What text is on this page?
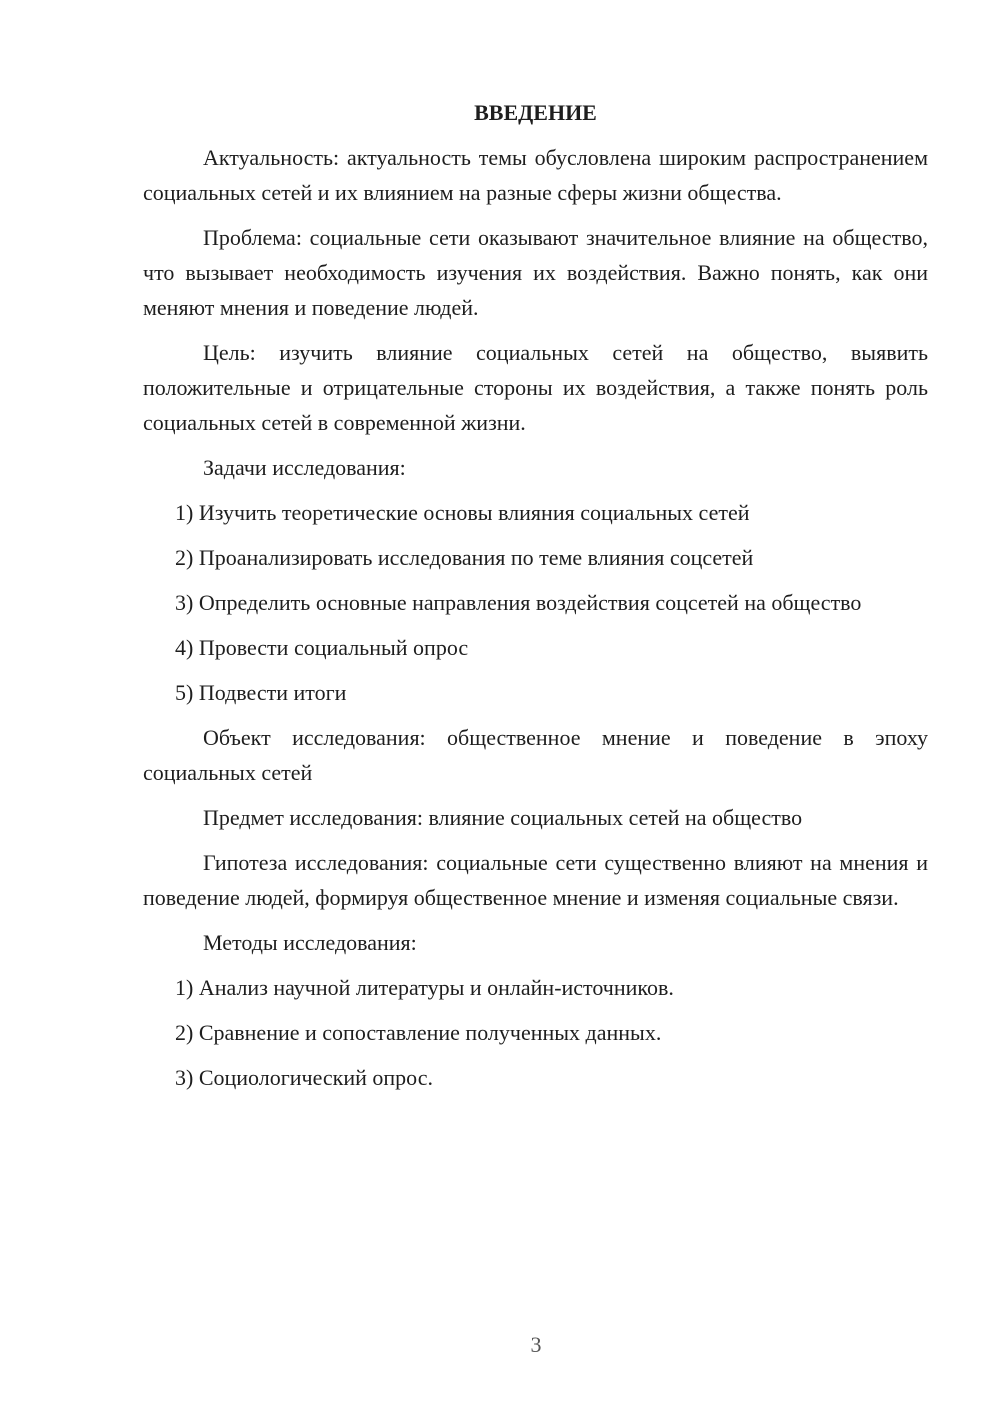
ВВЕДЕНИЕ

Актуальность: актуальность темы обусловлена широким распространением социальных сетей и их влиянием на разные сферы жизни общества.

Проблема: социальные сети оказывают значительное влияние на общество, что вызывает необходимость изучения их воздействия. Важно понять, как они меняют мнения и поведение людей.

Цель: изучить влияние социальных сетей на общество, выявить положительные и отрицательные стороны их воздействия, а также понять роль социальных сетей в современной жизни.

Задачи исследования:

1) Изучить теоретические основы влияния социальных сетей

2) Проанализировать исследования по теме влияния соцсетей

3) Определить основные направления воздействия соцсетей на общество

4) Провести социальный опрос

5) Подвести итоги

Объект исследования: общественное мнение и поведение в эпоху социальных сетей

Предмет исследования: влияние социальных сетей на общество

Гипотеза исследования: социальные сети существенно влияют на мнения и поведение людей, формируя общественное мнение и изменяя социальные связи.

Методы исследования:

1) Анализ научной литературы и онлайн-источников.

2) Сравнение и сопоставление полученных данных.

3) Социологический опрос.

3
